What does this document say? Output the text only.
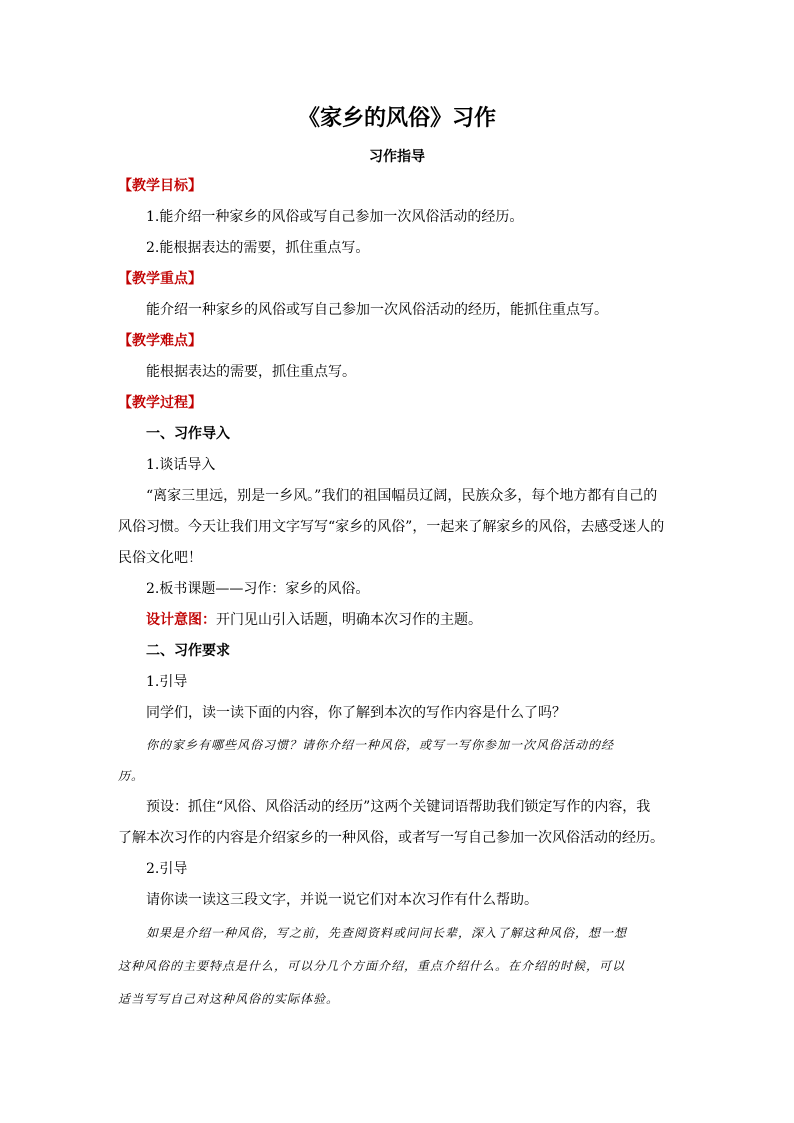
《家乡的风俗》习作
习作指导
【教学目标】
1.能介绍一种家乡的风俗或写自己参加一次风俗活动的经历。
2.能根据表达的需要，抓住重点写。
【教学重点】
能介绍一种家乡的风俗或写自己参加一次风俗活动的经历，能抓住重点写。
【教学难点】
能根据表达的需要，抓住重点写。
【教学过程】
一、习作导入
1.谈话导入
“离家三里远，别是一乡风。”我们的祖国幅员辽阔，民族众多，每个地方都有自己的
风俗习惯。今天让我们用文字写写“家乡的风俗”，一起来了解家乡的风俗，去感受迷人的
民俗文化吧！
2.板书课题——习作：家乡的风俗。
设计意图：开门见山引入话题，明确本次习作的主题。
二、习作要求
1.引导
同学们，读一读下面的内容，你了解到本次的写作内容是什么了吗？
你的家乡有哪些风俗习惯？请你介绍一种风俗，或写一写你参加一次风俗活动的经
历。
预设：抓住“风俗、风俗活动的经历”这两个关键词语帮助我们锁定写作的内容，我
了解本次习作的内容是介绍家乡的一种风俗，或者写一写自己参加一次风俗活动的经历。
2.引导
请你读一读这三段文字，并说一说它们对本次习作有什么帮助。
如果是介绍一种风俗，写之前，先查阅资料或问问长辈，深入了解这种风俗，想一想
这种风俗的主要特点是什么，可以分几个方面介绍，重点介绍什么。在介绍的时候，可以
适当写写自己对这种风俗的实际体验。
